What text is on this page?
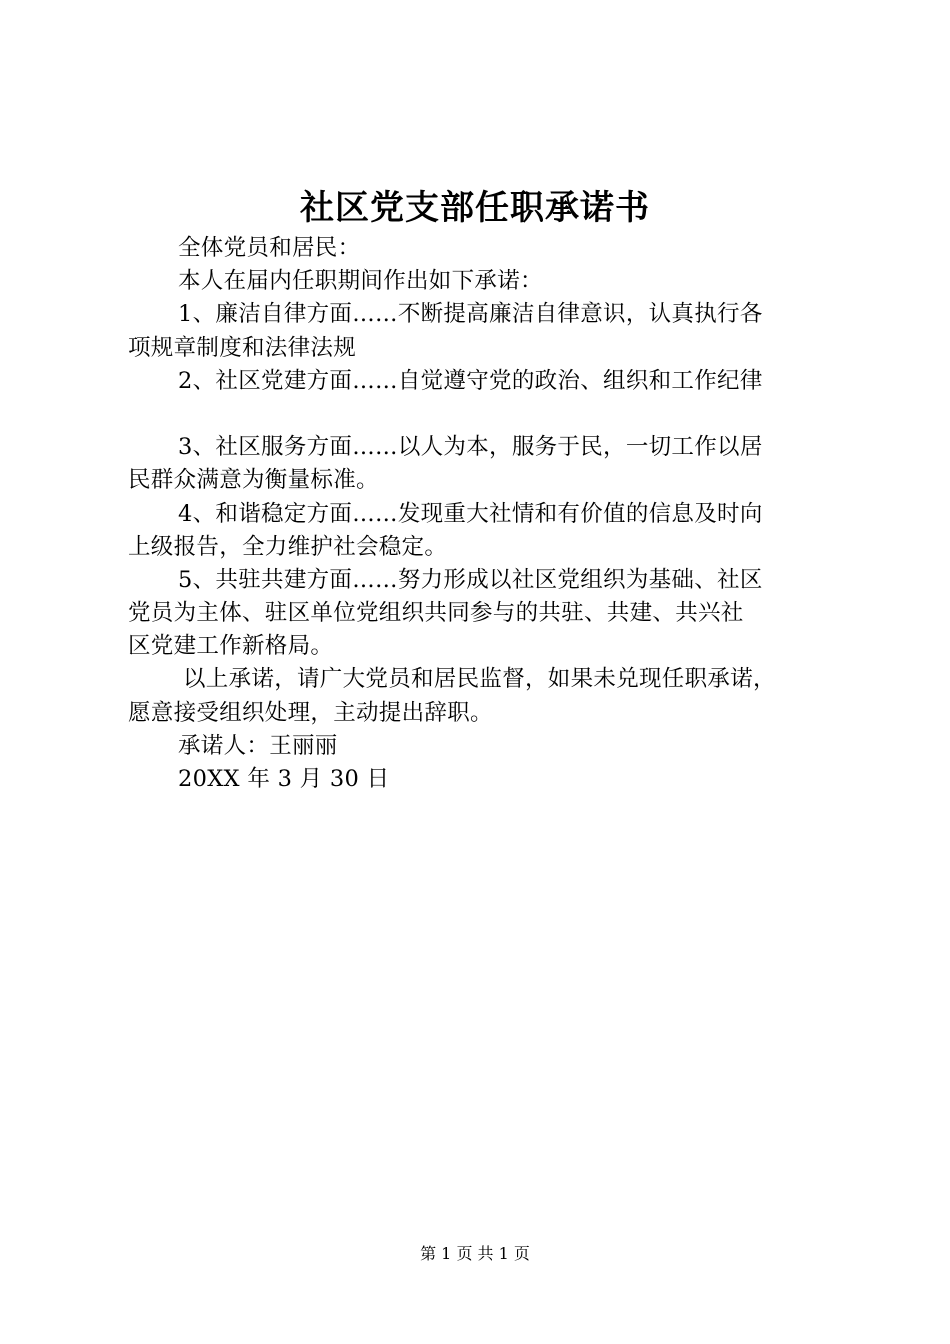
社区党支部任职承诺书
全体党员和居民：
本人在届内任职期间作出如下承诺：
1、廉洁自律方面……不断提高廉洁自律意识，认真执行各
项规章制度和法律法规
2、社区党建方面……自觉遵守党的政治、组织和工作纪律
3、社区服务方面……以人为本，服务于民，一切工作以居
民群众满意为衡量标准。
4、和谐稳定方面……发现重大社情和有价值的信息及时向
上级报告，全力维护社会稳定。
5、共驻共建方面……努力形成以社区党组织为基础、社区
党员为主体、驻区单位党组织共同参与的共驻、共建、共兴社
区党建工作新格局。
以上承诺，请广大党员和居民监督，如果未兑现任职承诺，
愿意接受组织处理，主动提出辞职。
承诺人：王丽丽
20XX 年 3 月 30 日
第 1 页 共 1 页
